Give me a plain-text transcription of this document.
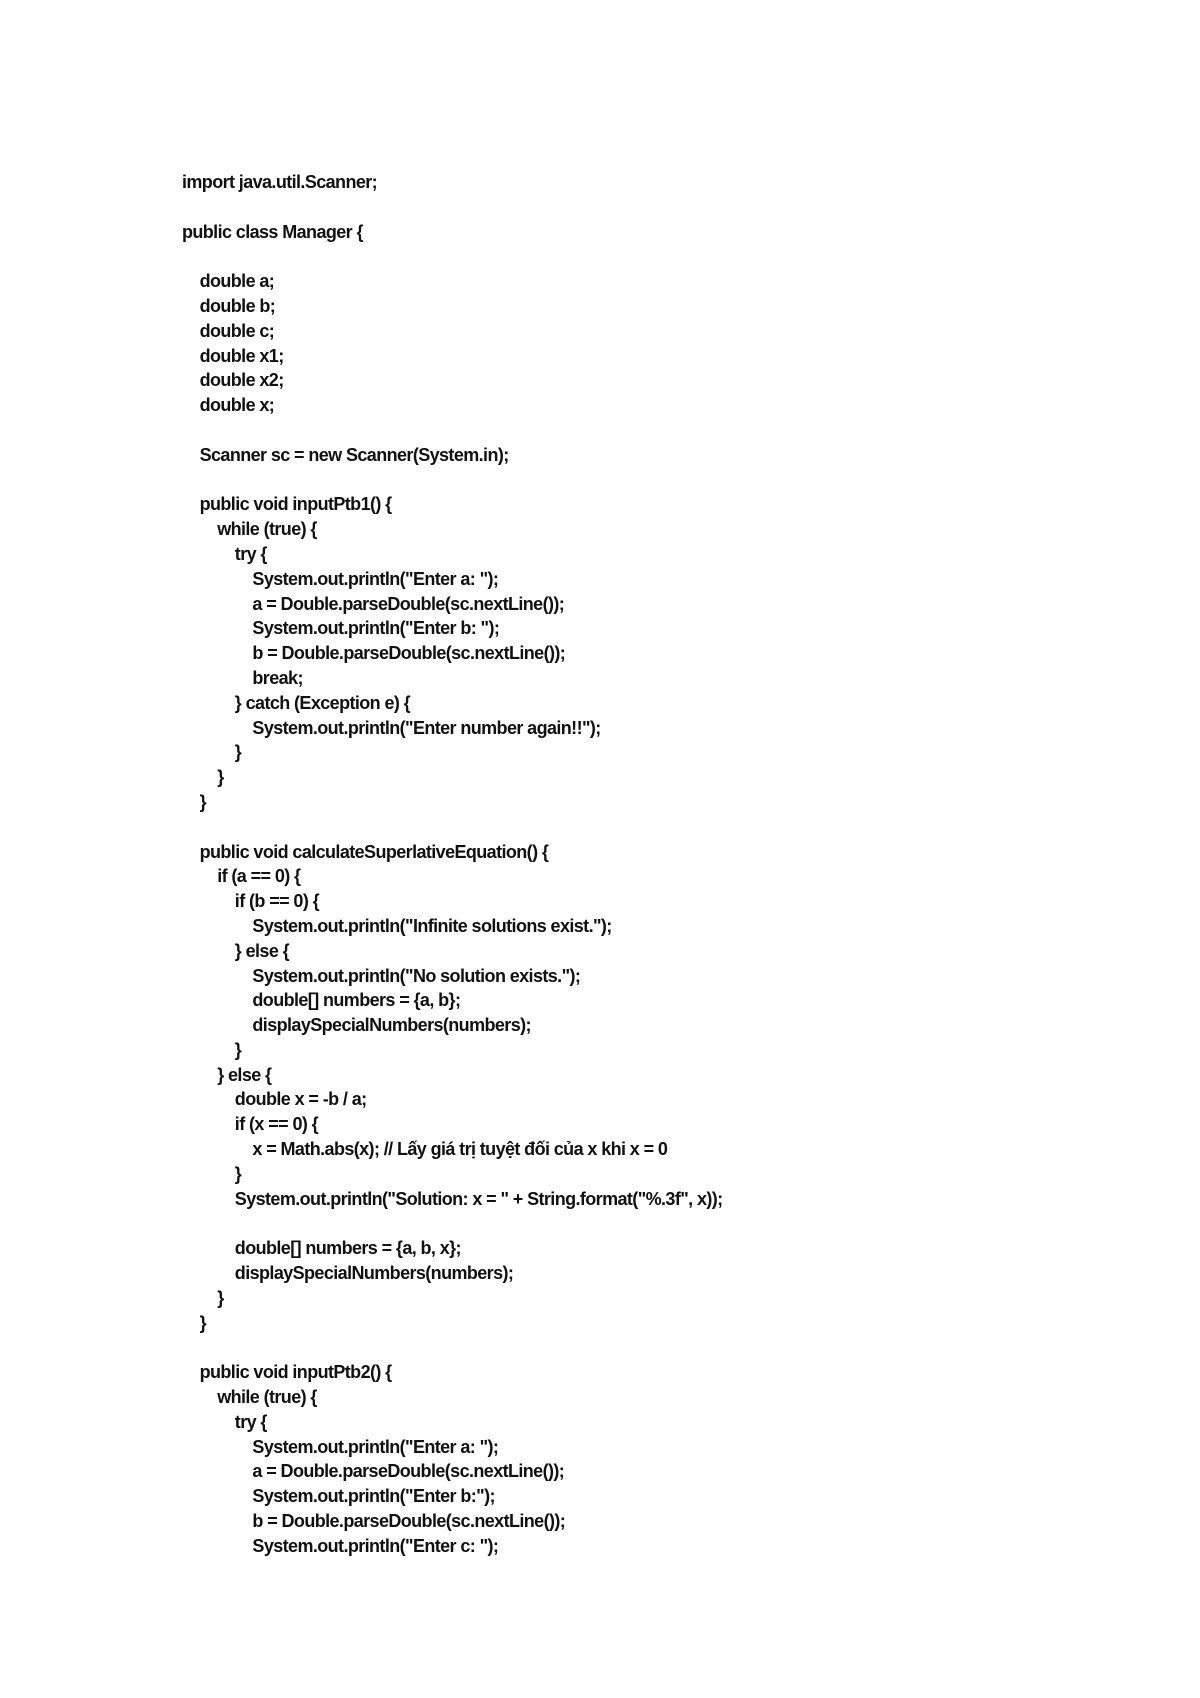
import java.util.Scanner;
public class Manager {
double a;
double b;
double c;
double x1;
double x2;
double x;
Scanner sc = new Scanner(System.in);
public void inputPtb1() {
while (true) {
try {
System.out.println("Enter a: ");
a = Double.parseDouble(sc.nextLine());
System.out.println("Enter b: ");
b = Double.parseDouble(sc.nextLine());
break;
} catch (Exception e) {
System.out.println("Enter number again!!");
}
}
}
public void calculateSuperlativeEquation() {
if (a == 0) {
if (b == 0) {
System.out.println("Infinite solutions exist.");
} else {
System.out.println("No solution exists.");
double[] numbers = {a, b};
displaySpecialNumbers(numbers);
}
} else {
double x = -b / a;
if (x == 0) {
x = Math.abs(x); // Lấy giá trị tuyệt đối của x khi x = 0
}
System.out.println("Solution: x = " + String.format("%.3f", x));
double[] numbers = {a, b, x};
displaySpecialNumbers(numbers);
}
}
public void inputPtb2() {
while (true) {
try {
System.out.println("Enter a: ");
a = Double.parseDouble(sc.nextLine());
System.out.println("Enter b:");
b = Double.parseDouble(sc.nextLine());
System.out.println("Enter c: ");
